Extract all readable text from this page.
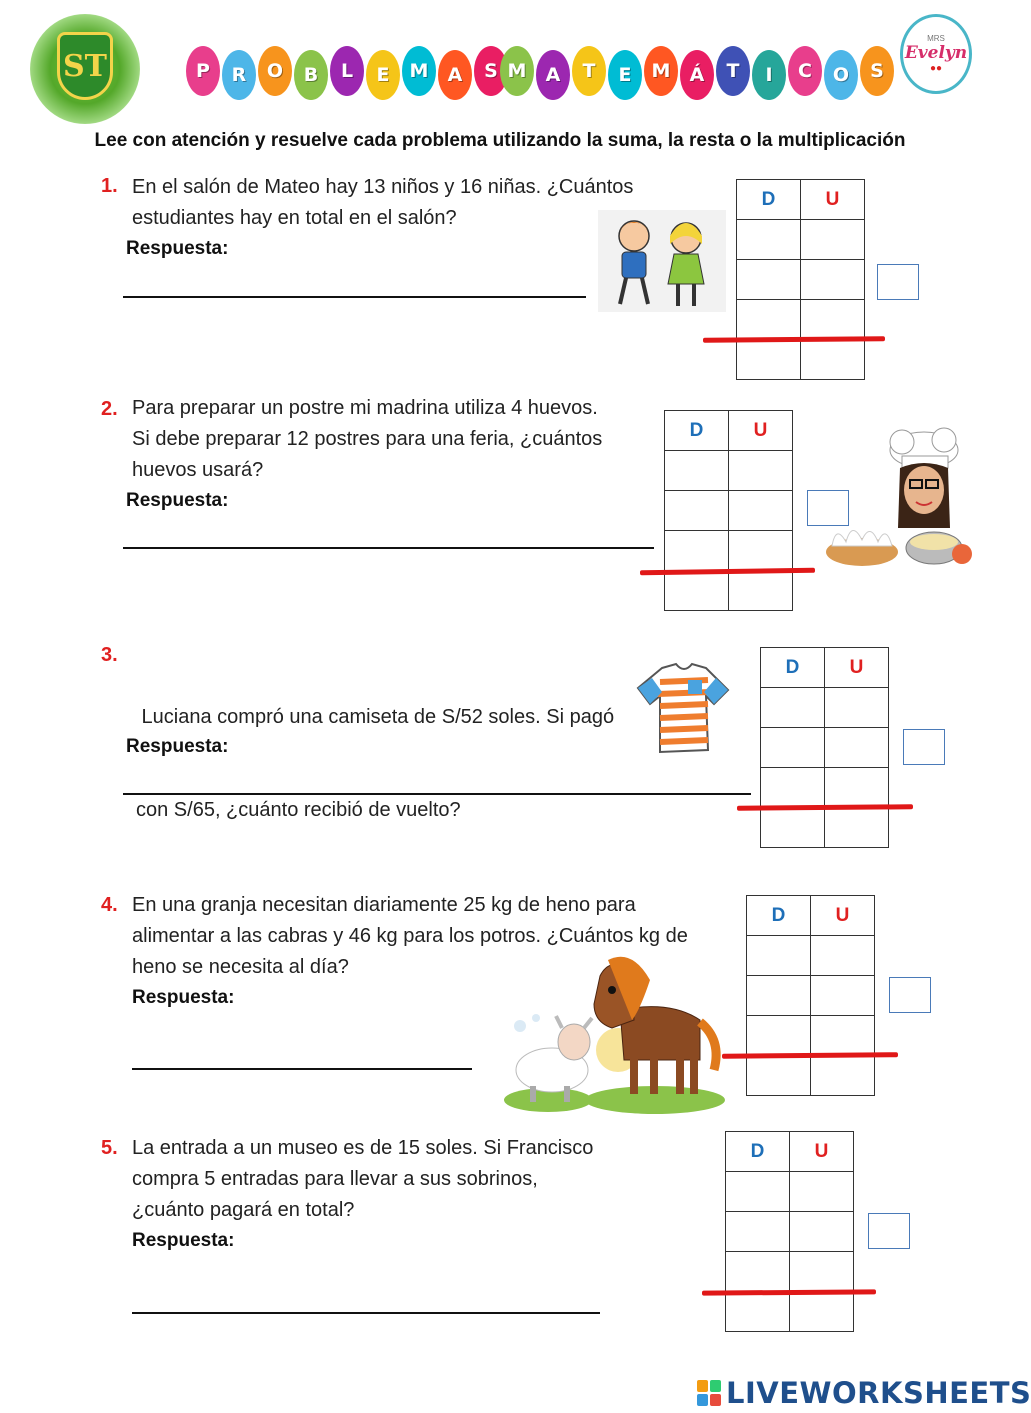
ST	P	R	O	B	L	E	M	A	S M	A	T	E	M	Á	T	I	C	O	S
MRS
Evelyn
●●
Lee con atención y resuelve cada problema utilizando la suma, la resta o la multiplicación
1. En el salón de Mateo hay 13 niños y 16 niñas. ¿Cuántos
estudiantes hay en total en el salón?
Respuesta:
D	U

2. Para preparar un postre mi madrina utiliza 4 huevos.
Si debe preparar 12 postres para una feria, ¿cuántos
huevos usará?
Respuesta:
D	U

3.

Luciana compró una camiseta de S/52 soles. Si pagó

con S/65, ¿cuánto recibió de vuelto?

Respuesta:
D	U

4. En una granja necesitan diariamente 25 kg de heno para
alimentar a las cabras y 46 kg para los potros. ¿Cuántos kg de
heno se necesita al día?
Respuesta:
D	U

5. La entrada a un museo es de 15 soles. Si Francisco
compra 5 entradas para llevar a sus sobrinos,
¿cuánto pagará en total?
Respuesta:
D	U

LIVEWORKSHEETS
